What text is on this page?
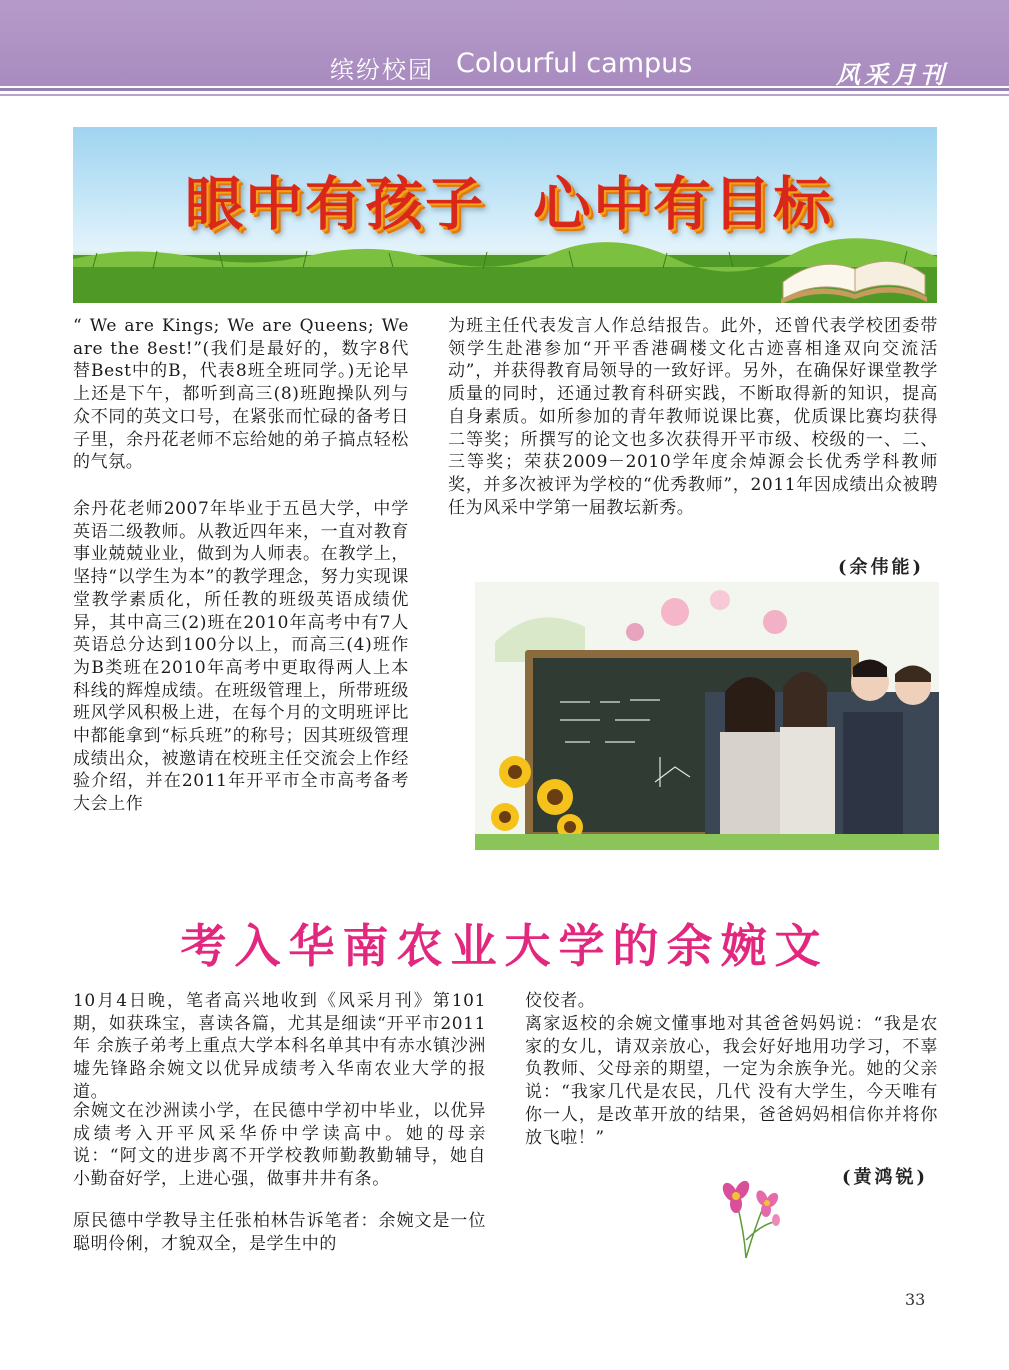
缤纷校园 Colourful campus	风采月刊
眼中有孩子 心中有目标

“ We are Kings; We are Queens; We are the 8est!”(我们是最好的，数字8代替Best中的B，代表8班全班同学。)无论早上还是下午，都听到高三(8)班跑操队列与众不同的英文口号，在紧张而忙碌的备考日子里，余丹花老师不忘给她的弟子搞点轻松的气氛。

余丹花老师2007年毕业于五邑大学，中学英语二级教师。从教近四年来，一直对教育事业兢兢业业，做到为人师表。在教学上，坚持“以学生为本”的教学理念，努力实现课堂教学素质化，所任教的班级英语成绩优异，其中高三(2)班在2010年高考中有7人英语总分达到100分以上，而高三(4)班作为B类班在2010年高考中更取得两人上本科线的辉煌成绩。在班级管理上，所带班级班风学风积极上进，在每个月的文明班评比中都能拿到“标兵班”的称号；因其班级管理成绩出众，被邀请在校班主任交流会上作经验介绍，并在2011年开平市全市高考备考大会上作

为班主任代表发言人作总结报告。此外，还曾代表学校团委带领学生赴港参加“开平香港碉楼文化古迹喜相逢双向交流活动”，并获得教育局领导的一致好评。另外，在确保好课堂教学质量的同时，还通过教育科研实践，不断取得新的知识，提高自身素质。如所参加的青年教师说课比赛，优质课比赛均获得二等奖；所撰写的论文也多次获得开平市级、校级的一、二、三等奖；荣获2009－2010学年度余焯源会长优秀学科教师奖，并多次被评为学校的“优秀教师”，2011年因成绩出众被聘任为风采中学第一届教坛新秀。

(余伟能)
考入华南农业大学的余婉文

10月4日晚，笔者高兴地收到《风采月刊》第101期，如获珠宝，喜读各篇，尤其是细读“开平市2011年 余族子弟考上重点大学本科名单其中有赤水镇沙洲墟先锋路余婉文以优异成绩考入华南农业大学的报道。

余婉文在沙洲读小学，在民德中学初中毕业，以优异成绩考入开平风采华侨中学读高中。她的母亲说：“阿文的进步离不开学校教师勤教勤辅导，她自小勤奋好学，上进心强，做事井井有条。

原民德中学教导主任张柏林告诉笔者：余婉文是一位聪明伶俐，才貌双全，是学生中的

佼佼者。

离家返校的余婉文懂事地对其爸爸妈妈说：“我是农家的女儿，请双亲放心，我会好好地用功学习，不辜负教师、父母亲的期望，一定为余族争光。她的父亲说：“我家几代是农民，几代 没有大学生，今天唯有你一人，是改革开放的结果，爸爸妈妈相信你并将你放飞啦！”

(黄鸿锐)
33
